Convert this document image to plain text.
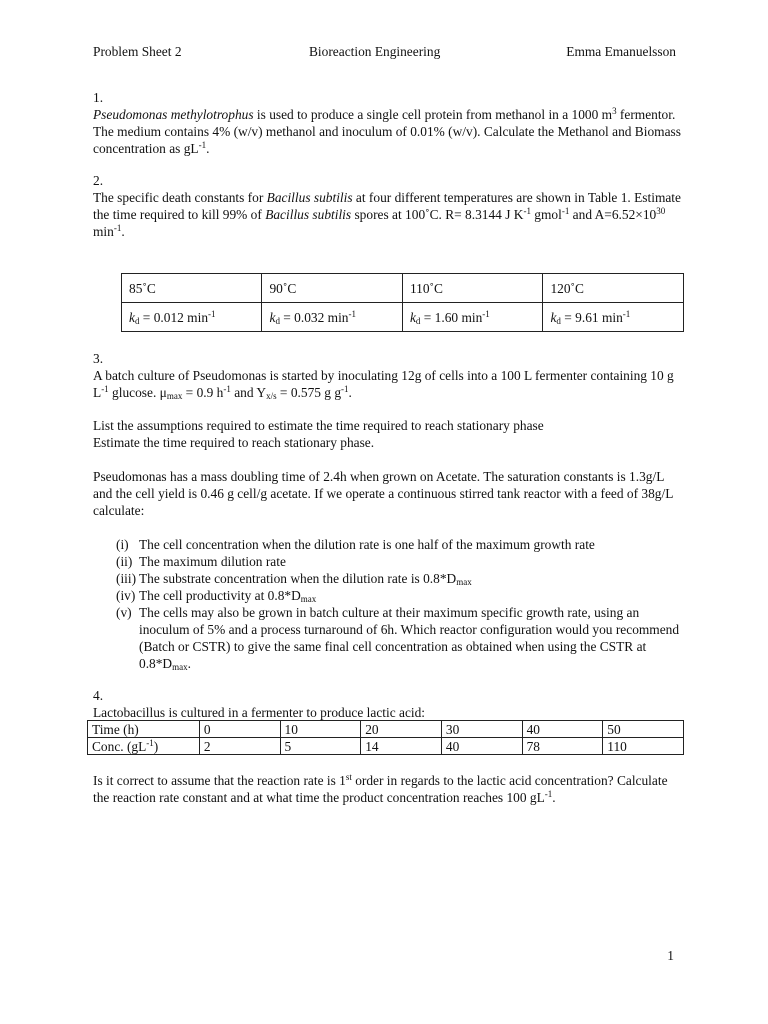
Problem Sheet 2	Bioreaction Engineering	Emma Emanuelsson
1.

Pseudomonas methylotrophus is used to produce a single cell protein from methanol in a 1000 $m^3$ fermentor. The medium contains 4% (w/v) methanol and inoculum of 0.01% (w/v). Calculate the Methanol and Biomass concentration as $gL^{-1}$.

2.

The specific death constants for Bacillus subtilis at four different temperatures are shown in Table 1. Estimate the time required to kill 99% of Bacillus subtilis spores at 100˚C. R= 8.3144 J $K^{-1}$ gmol$^{-1}$ and $A=6.52\times 10^{30}$ $\min^{-1}$.

85˚C	90˚C	110˚C	120˚C
$k_d = 0.012$ $\min^{-1}$	$k_d = 0.032$ $\min^{-1}$	$k_d = 1.60$ $\min^{-1}$	$k_d = 9.61$ $\min^{-1}$
3.

A batch culture of Pseudomonas is started by inoculating 12g of cells into a 100 L fermenter containing 10 g $L^{-1}$ glucose. $\mu_{max} = 0.9$ $h^{-1}$ and $Y_{x/s} = 0.575$ g $g^{-1}$.

List the assumptions required to estimate the time required to reach stationary phase

Estimate the time required to reach stationary phase.

Pseudomonas has a mass doubling time of 2.4h when grown on Acetate. The saturation constants is 1.3g/L and the cell yield is 0.46 g cell/g acetate. If we operate a continuous stirred tank reactor with a feed of 38g/L calculate:

(i) The cell concentration when the dilution rate is one half of the maximum growth rate
(ii) The maximum dilution rate
(iii) The substrate concentration when the dilution rate is $0.8*D_{max}$
(iv) The cell productivity at $0.8*D_{max}$
(v) The cells may also be grown in batch culture at their maximum specific growth rate, using an inoculum of 5% and a process turnaround of 6h. Which reactor configuration would you recommend (Batch or CSTR) to give the same final cell concentration as obtained when using the CSTR at $0.8*D_{max}$.
4.

Lactobacillus is cultured in a fermenter to produce lactic acid:

Time (h)	0	10	20	30	40	50
Conc. $(gL^{-1})$	2	5	14	40	78	110

Is it correct to assume that the reaction rate is 1st order in regards to the lactic acid concentration? Calculate the reaction rate constant and at what time the product concentration reaches 100 $gL^{-1}$.

1
